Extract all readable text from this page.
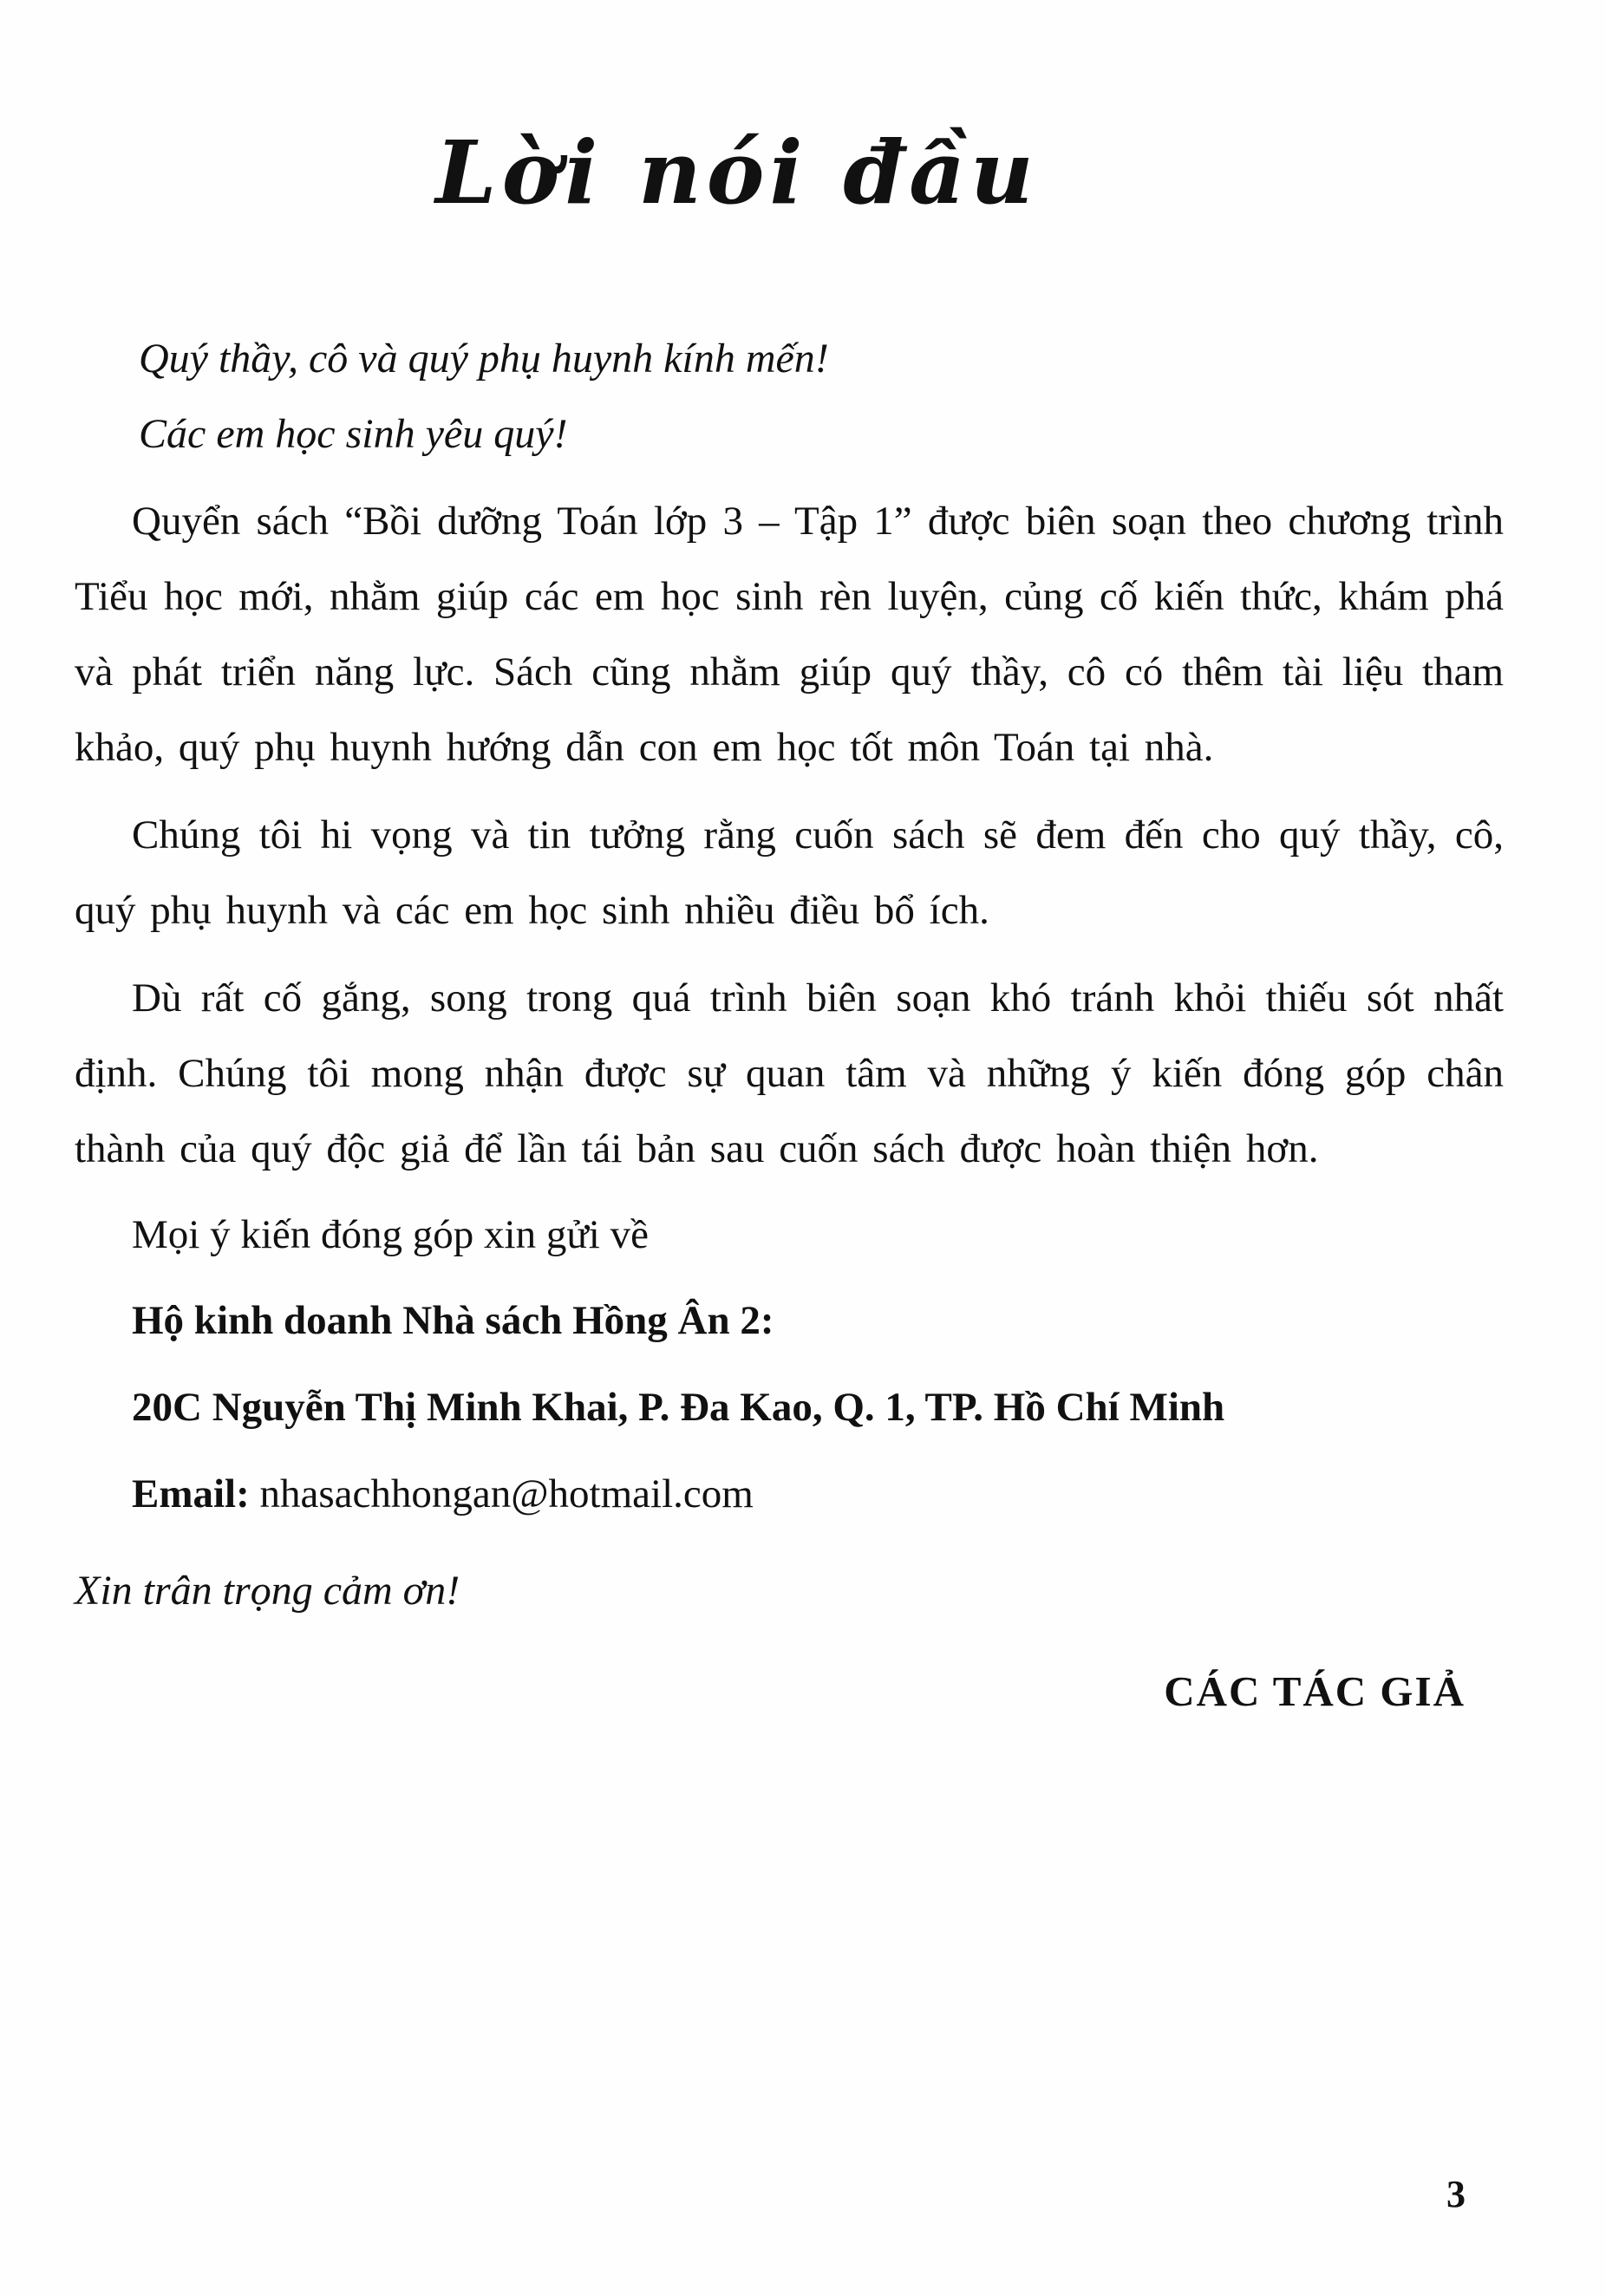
Lời nói đầu

Quý thầy, cô và quý phụ huynh kính mến!

Các em học sinh yêu quý!

Quyển sách “Bồi dưỡng Toán lớp 3 – Tập 1” được biên soạn theo chương trình Tiểu học mới, nhằm giúp các em học sinh rèn luyện, củng cố kiến thức, khám phá và phát triển năng lực. Sách cũng nhằm giúp quý thầy, cô có thêm tài liệu tham khảo, quý phụ huynh hướng dẫn con em học tốt môn Toán tại nhà.

Chúng tôi hi vọng và tin tưởng rằng cuốn sách sẽ đem đến cho quý thầy, cô, quý phụ huynh và các em học sinh nhiều điều bổ ích.

Dù rất cố gắng, song trong quá trình biên soạn khó tránh khỏi thiếu sót nhất định. Chúng tôi mong nhận được sự quan tâm và những ý kiến đóng góp chân thành của quý độc giả để lần tái bản sau cuốn sách được hoàn thiện hơn.

Mọi ý kiến đóng góp xin gửi về

Hộ kinh doanh Nhà sách Hồng Ân 2:

20C Nguyễn Thị Minh Khai, P. Đa Kao, Q. 1, TP. Hồ Chí Minh

Email: nhasachhongan@hotmail.com

Xin trân trọng cảm ơn!

CÁC TÁC GIẢ

3
